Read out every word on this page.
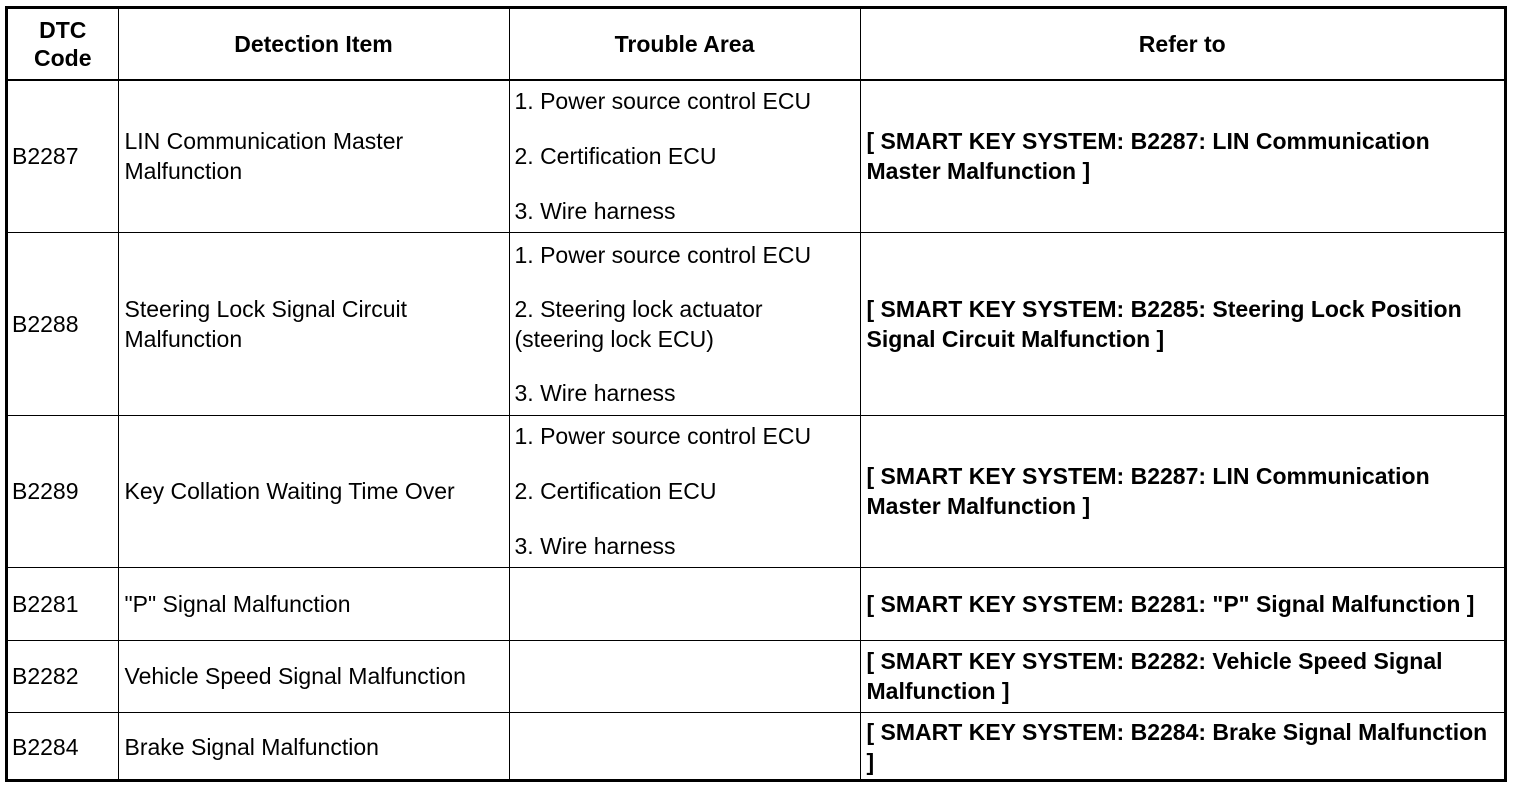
DTC Code	Detection Item	Trouble Area	Refer to
B2287	LIN Communication Master Malfunction	1. Power source control ECU
2. Certification ECU
3. Wire harness	[ SMART KEY SYSTEM: B2287: LIN Communication Master Malfunction ]
B2288	Steering Lock Signal Circuit Malfunction	1. Power source control ECU
2. Steering lock actuator (steering lock ECU)
3. Wire harness	[ SMART KEY SYSTEM: B2285: Steering Lock Position Signal Circuit Malfunction ]
B2289	Key Collation Waiting Time Over	1. Power source control ECU
2. Certification ECU
3. Wire harness	[ SMART KEY SYSTEM: B2287: LIN Communication Master Malfunction ]
B2281	"P" Signal Malfunction		[ SMART KEY SYSTEM: B2281: "P" Signal Malfunction ]
B2282	Vehicle Speed Signal Malfunction		[ SMART KEY SYSTEM: B2282: Vehicle Speed Signal Malfunction ]
B2284	Brake Signal Malfunction		[ SMART KEY SYSTEM: B2284: Brake Signal Malfunction ]
